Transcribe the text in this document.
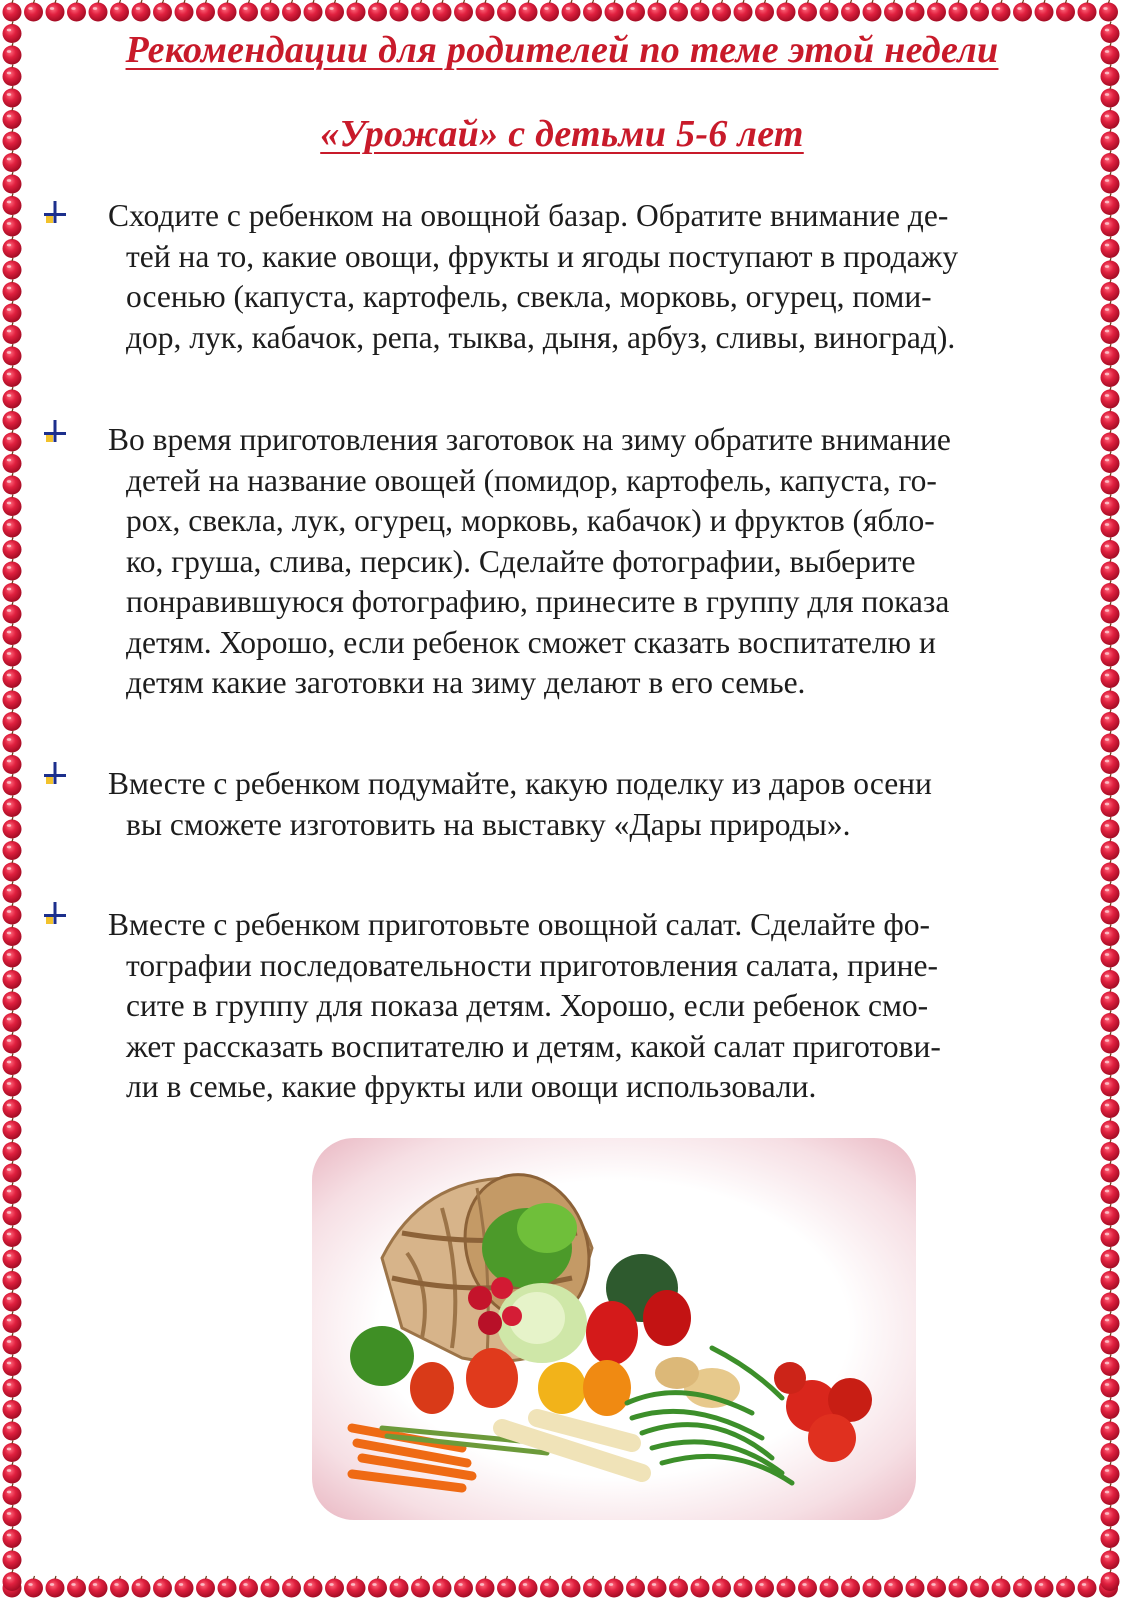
Рекомендации для родителей по теме этой недели
«Урожай» с детьми 5-6 лет
Сходите с ребенком на овощной базар. Обратите внимание де-
тей на то, какие овощи, фрукты и ягоды поступают в продажу
осенью (капуста, картофель, свекла, морковь, огурец, поми-
дор, лук, кабачок, репа, тыква, дыня, арбуз, сливы, виноград).
Во время приготовления заготовок на зиму обратите внимание
детей на название овощей (помидор, картофель, капуста, го-
рох, свекла, лук, огурец, морковь, кабачок) и фруктов (ябло-
ко, груша, слива, персик). Сделайте фотографии, выберите
понравившуюся фотографию, принесите в группу для показа
детям. Хорошо, если ребенок сможет сказать воспитателю и
детям какие заготовки на зиму делают в его семье.
Вместе с ребенком подумайте, какую поделку из даров осени
вы сможете изготовить на выставку «Дары природы».
Вместе с ребенком приготовьте овощной салат. Сделайте фо-
тографии последовательности приготовления салата, прине-
сите в группу для показа детям. Хорошо, если ребенок смо-
жет рассказать воспитателю и детям, какой салат приготови-
ли в семье, какие фрукты или овощи использовали.
